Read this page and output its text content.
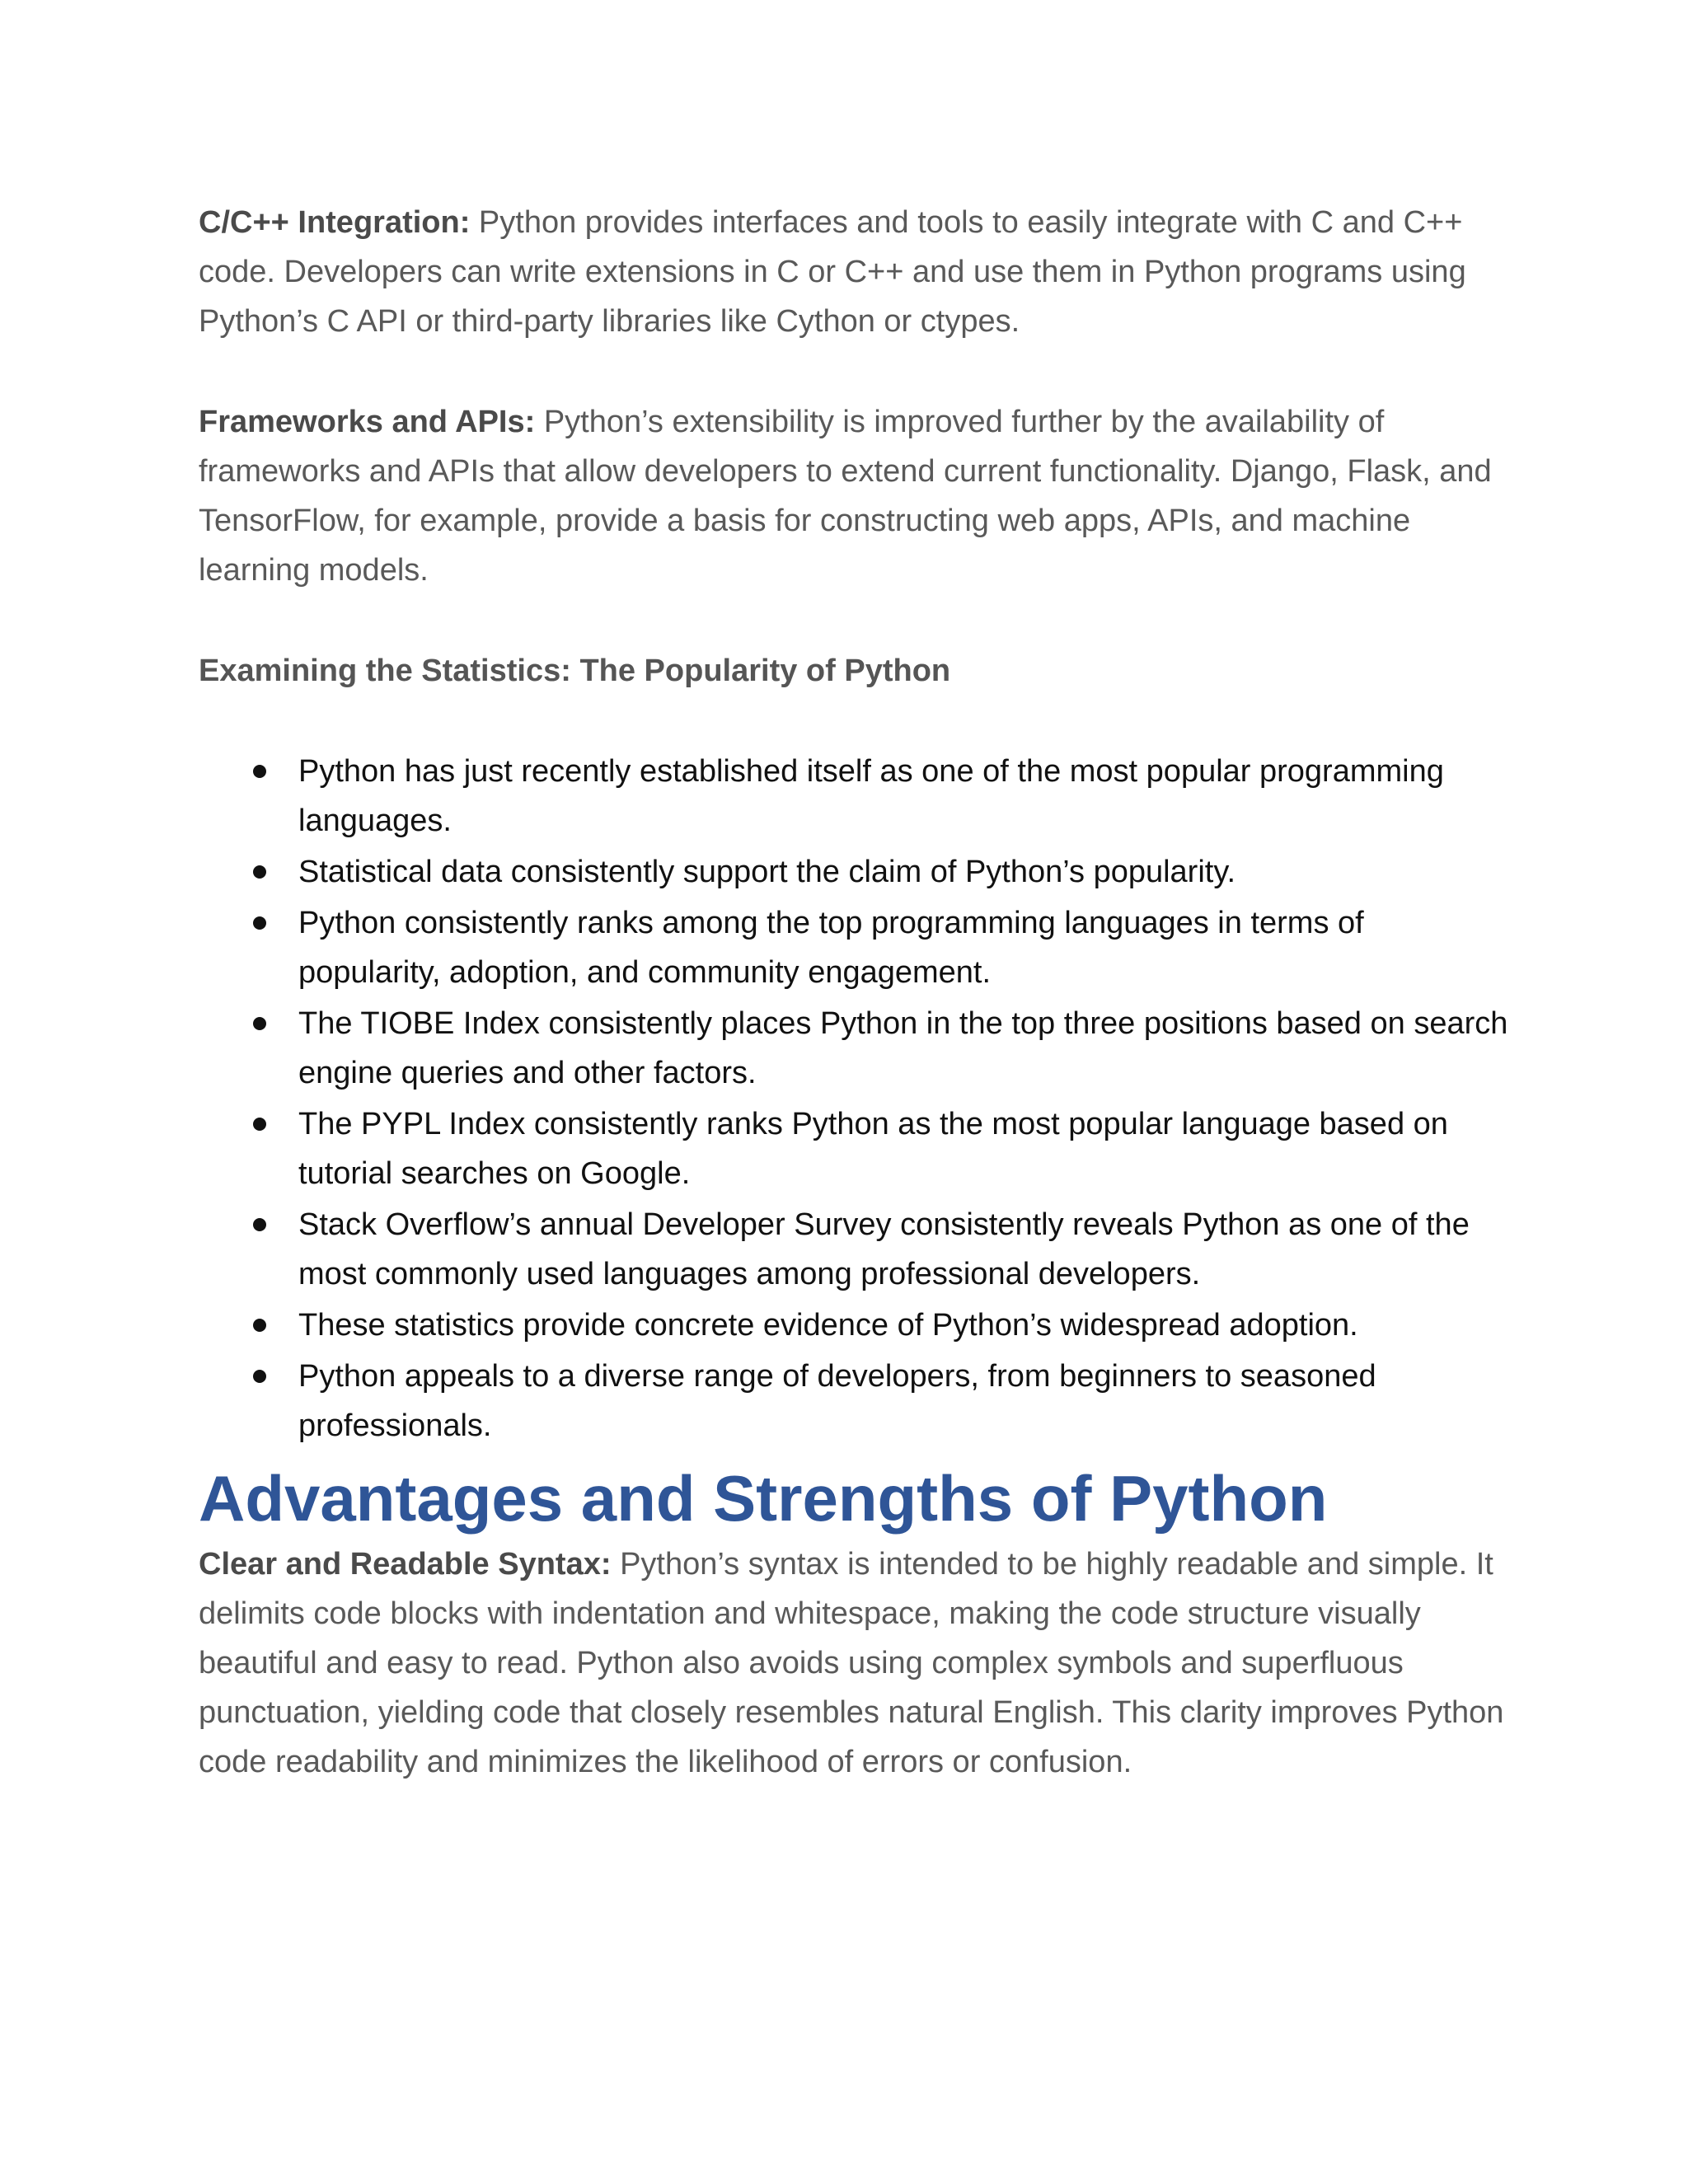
C/C++ Integration: Python provides interfaces and tools to easily integrate with C and C++ code. Developers can write extensions in C or C++ and use them in Python programs using Python’s C API or third-party libraries like Cython or ctypes.

Frameworks and APIs: Python’s extensibility is improved further by the availability of frameworks and APIs that allow developers to extend current functionality. Django, Flask, and TensorFlow, for example, provide a basis for constructing web apps, APIs, and machine learning models.

Examining the Statistics: The Popularity of Python
Python has just recently established itself as one of the most popular programming languages.
Statistical data consistently support the claim of Python’s popularity.
Python consistently ranks among the top programming languages in terms of popularity, adoption, and community engagement.
The TIOBE Index consistently places Python in the top three positions based on search engine queries and other factors.
The PYPL Index consistently ranks Python as the most popular language based on tutorial searches on Google.
Stack Overflow’s annual Developer Survey consistently reveals Python as one of the most commonly used languages among professional developers.
These statistics provide concrete evidence of Python’s widespread adoption.
Python appeals to a diverse range of developers, from beginners to seasoned professionals.
Advantages and Strengths of Python

Clear and Readable Syntax: Python’s syntax is intended to be highly readable and simple. It delimits code blocks with indentation and whitespace, making the code structure visually beautiful and easy to read. Python also avoids using complex symbols and superfluous punctuation, yielding code that closely resembles natural English. This clarity improves Python code readability and minimizes the likelihood of errors or confusion.
